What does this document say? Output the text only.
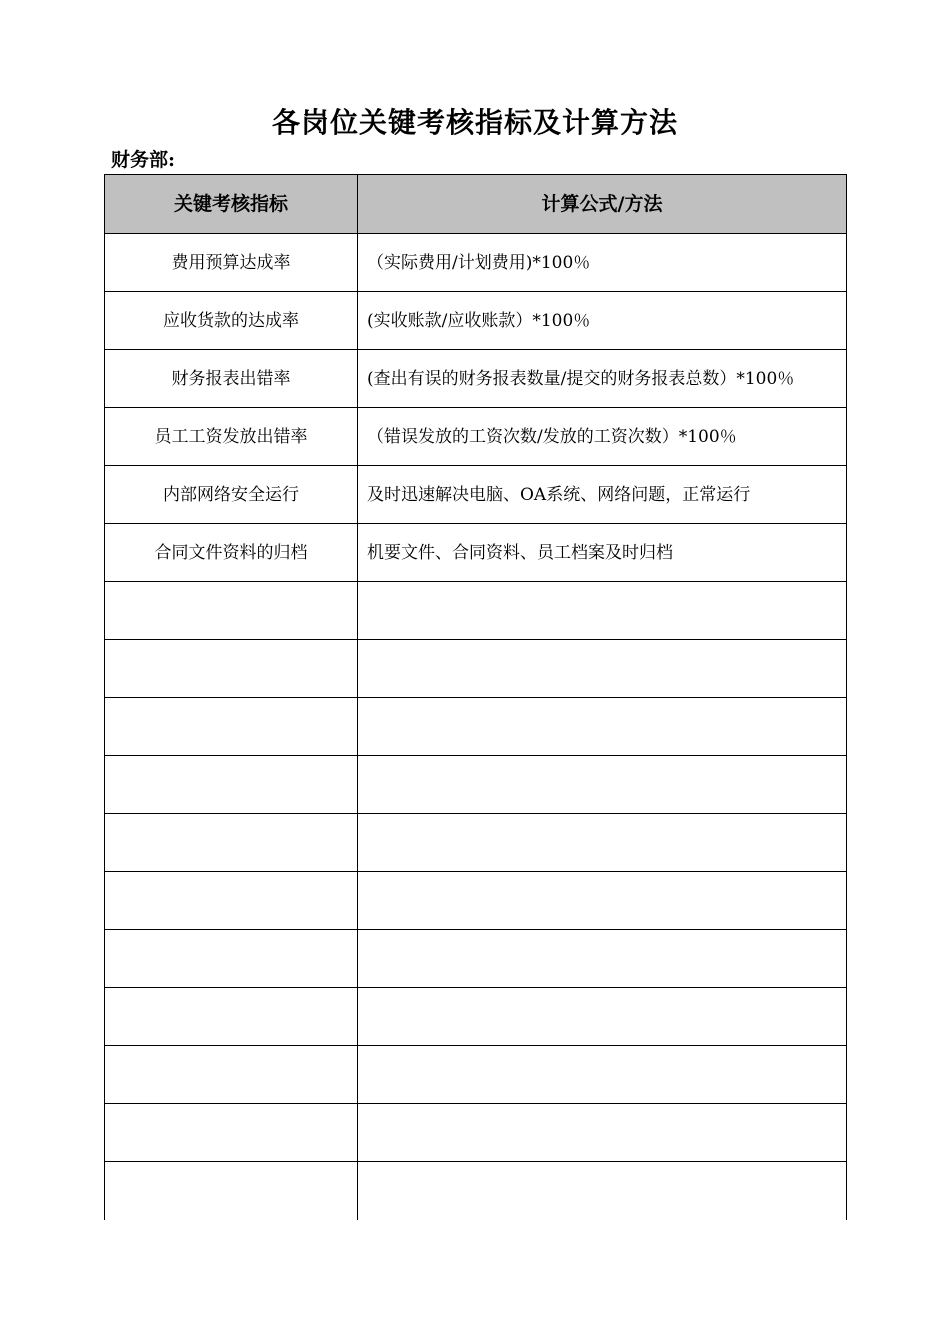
各岗位关键考核指标及计算方法
财务部:
关键考核指标	计算公式/方法
费用预算达成率	（实际费用/计划费用)*100％
应收货款的达成率	(实收账款/应收账款）*100％
财务报表出错率	(查出有误的财务报表数量/提交的财务报表总数）*100％
员工工资发放出错率	（错误发放的工资次数/发放的工资次数）*100％
内部网络安全运行	及时迅速解决电脑、OA系统、网络问题，正常运行
合同文件资料的归档	机要文件、合同资料、员工档案及时归档
